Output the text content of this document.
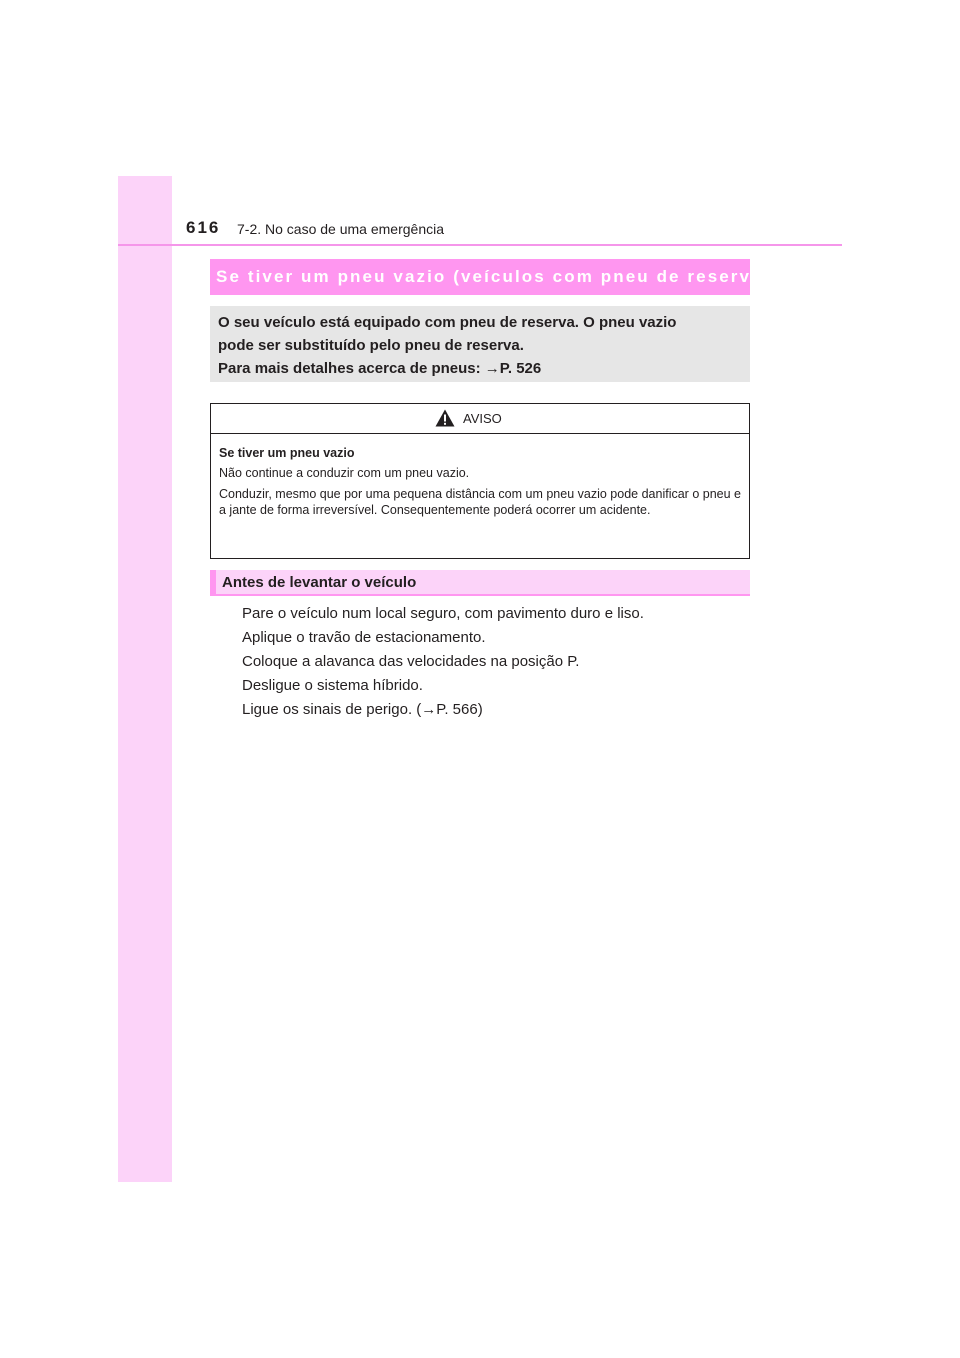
616 7-2. No caso de uma emergência
Se tiver um pneu vazio (veículos com pneu de reserva)

O seu veículo está equipado com pneu de reserva. O pneu vazio

pode ser substituído pelo pneu de reserva.

Para mais detalhes acerca de pneus: →P. 526

AVISO
Se tiver um pneu vazio

Não continue a conduzir com um pneu vazio.

Conduzir, mesmo que por uma pequena distância com um pneu vazio pode danificar o pneu e a jante de forma irreversível. Consequentemente poderá ocorrer um acidente.

Antes de levantar o veículo
Pare o veículo num local seguro, com pavimento duro e liso.
Aplique o travão de estacionamento.
Coloque a alavanca das velocidades na posição P.
Desligue o sistema híbrido.
Ligue os sinais de perigo. (→P. 566)
